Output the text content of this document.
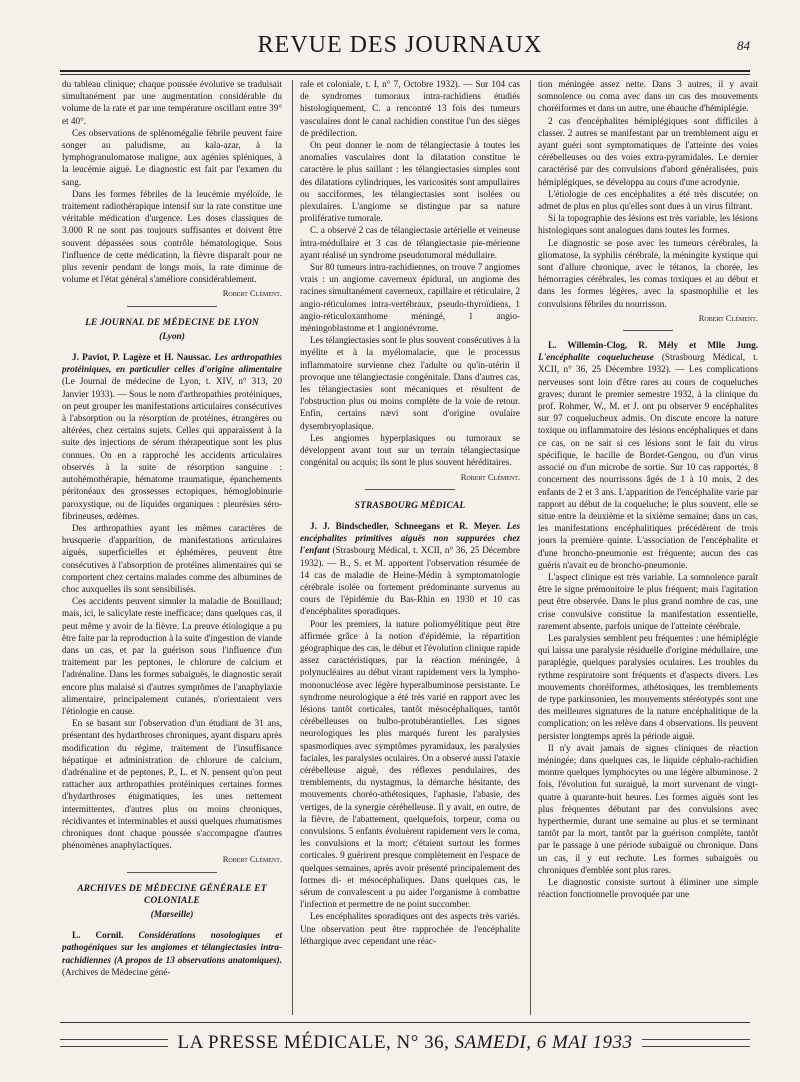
REVUE DES JOURNAUX	84

du tableau clinique; chaque poussée évolutive se traduisait simultanément par une augmentation considérable du volume de la rate et par une température oscillant entre 39° et 40°.

Ces observations de splénomégalie fébrile peuvent faire songer au paludisme, au kala-azar, à la lymphogranulomatose maligne, aux agénies spléniques, à la leucémie aiguë. Le diagnostic est fait par l'examen du sang.

Dans les formes fébriles de la leucémie myéloïde, le traitement radiothérapique intensif sur la rate constitue une véritable médication d'urgence. Les doses classiques de 3.000 R ne sont pas toujours suffisantes et doivent être souvent dépassées sous contrôle hématologique. Sous l'influence de cette médication, la fièvre disparaît pour ne plus revenir pendant de longs mois, la rate diminue de volume et l'état général s'améliore considérablement.

Robert Clément.
LE JOURNAL DE MÉDECINE DE LYON
(Lyon)

J. Paviot, P. Lagèze et H. Naussac. Les arthropathies protéiniques, en particulier celles d'origine alimentaire (Le Journal de médecine de Lyon, t. XIV, n° 313, 20 Janvier 1933). — Sous le nom d'arthropathies protéiniques, on peut grouper les manifestations articulaires consécutives à l'absorption ou la résorption de protéines, étrangères ou altérées, chez certains sujets. Celles qui apparaissent à la suite des injections de sérum thérapeutique sont les plus connues. On en a rapproché les accidents articulaires observés à la suite de résorption sanguine : autohémothérapie, hématome traumatique, épanchements péritonéaux des grossesses ectopiques, hémoglobinurie paroxystique, ou de liquides organiques : pleurésies séro-fibrineuses, œdèmes.

Des arthropathies ayant les mêmes caractères de brusquerie d'apparition, de manifestations articulaires aiguës, superficielles et éphémères, peuvent être consécutives à l'absorption de protéines alimentaires qui se comportent chez certains malades comme des albumines de choc auxquelles ils sont sensibilisés.

Ces accidents peuvent simuler la maladie de Bouillaud; mais, ici, le salicylate reste inefficace; dans quelques cas, il peut même y avoir de la fièvre. La preuve étiologique a pu être faite par la reproduction à la suite d'ingestion de viande dans un cas, et par la guérison sous l'influence d'un traitement par les peptones, le chlorure de calcium et l'adrénaline. Dans les formes subaiguës, le diagnostic serait encore plus malaisé si d'autres symptômes de l'anaphylaxie alimentaire, principalement cutanés, n'orientaient vers l'étiologie en cause.

En se basant sur l'observation d'un étudiant de 31 ans, présentant des hydarthroses chroniques, ayant disparu après modification du régime, traitement de l'insuffisance hépatique et administration de chlorure de calcium, d'adrénaline et de peptones, P., L. et N. pensent qu'on peut rattacher aux arthropathies protéiniques certaines formes d'hydarthroses énigmatiques, les unes nettement intermittentes, d'autres plus ou moins chroniques, récidivantes et interminables et aussi quelques rhumatismes chroniques dont chaque poussée s'accompagne d'autres phénomènes anaphylactiques.

Robert Clément.
ARCHIVES DE MÉDECINE GÉNÉRALE ET COLONIALE
(Marseille)

L. Cornil. Considérations nosologiques et pathogéniques sur les angiomes et télangiectasies intra-rachidiennes (A propos de 13 observations anatomiques). (Archives de Médecine géné-

rale et coloniale, t. I, n° 7, Octobre 1932). — Sur 104 cas de syndromes tumoraux intra-rachidiens étudiés histologiquement, C. a rencontré 13 fois des tumeurs vasculaires dont le canal rachidien constitue l'un des sièges de prédilection.

On peut donner le nom de télangiectasie à toutes les anomalies vasculaires dont la dilatation constitue le caractère le plus saillant : les télangiectasies simples sont des dilatations cylindriques, les varicosités sont ampullaires ou sacciformes, les télangiectasies sont isolées ou plexulaires. L'angiome se distingue par sa nature proliférative tumorale.

C. a observé 2 cas de télangiectasie artérielle et veineuse intra-médullaire et 3 cas de télangiectasie pie-mérienne ayant réalisé un syndrome pseudotumoral médullaire.

Sur 80 tumeurs intra-rachidiennes, on trouve 7 angiomes vrais : un angiome caverneux épidural, un angiome des racines simultanément caverneux, capillaire et réticulaire, 2 angio-réticulomes intra-vertébraux, pseudo-thyroïdiens, 1 angio-réticuloxanthome méningé, 1 angio-méningoblastome et 1 angionévrome.

Les télangiectasies sont le plus souvent consécutives à la myélite et à la myélomalacie, que le processus inflammatoire survienne chez l'adulte ou qu'in-utérin il provoque une télangiectasie congénitale. Dans d'autres cas, les télangiectasies sont mécaniques et résultent de l'obstruction plus ou moins complète de la voie de retour. Enfin, certains nævi sont d'origine ovulaire dysembryoplasique.

Les angiomes hyperplasiques ou tumoraux se développent avant tout sur un terrain télangiectasique congénital ou acquis; ils sont le plus souvent héréditaires.

Robert Clément.
STRASBOURG MÉDICAL

J. J. Bindschedler, Schneegans et R. Meyer. Les encéphalites primitives aiguës non suppurées chez l'enfant (Strasbourg Médical, t. XCII, n° 36, 25 Décembre 1932). — B., S. et M. apportent l'observation résumée de 14 cas de maladie de Heine-Médin à symptomatologie cérébrale isolée ou fortement prédominante survenus au cours de l'épidémie du Bas-Rhin en 1930 et 10 cas d'encéphalites sporadiques.

Pour les premiers, la nature poliomyélitique peut être affirmée grâce à la notion d'épidémie, la répartition géographique des cas, le début et l'évolution clinique rapide assez caractéristiques, par la réaction méningée, à polynucléaires au début virant rapidement vers la lympho-mononucléose avec légère hyperalbuminose persistante. Le syndrome neurologique a été très varié en rapport avec les lésions tantôt corticales, tantôt mésocéphaliques, tantôt cérébelleuses ou bulbo-protubérantielles. Les signes neurologiques les plus marqués furent les paralysies spasmodiques avec symptômes pyramidaux, les paralysies faciales, les paralysies oculaires. On a observé aussi l'ataxie cérébelleuse aiguë, des réflexes pendulaires, des tremblements, du nystagmus, la démarche hésitante, des mouvements choréo-athétosiques, l'aphasie, l'abasie, des vertiges, de la synergie cérébelleuse. Il y avait, en outre, de la fièvre, de l'abattement, quelquefois, torpeur, coma ou convulsions. 5 enfants évoluèrent rapidement vers le coma, les convulsions et la mort; c'étaient surtout les formes corticales. 9 guérirent presque complètement en l'espace de quelques semaines, après avoir présenté principalement des formes di- et mésocéphaliques. Dans quelques cas, le sérum de convalescent a pu aider l'organisme à combattre l'infection et permettre de ne point succomber.

Les encéphalites sporadiques ont des aspects très variés. Une observation peut être rapprochée de l'encéphalite léthargique avec cependant une réac-

tion méningée assez nette. Dans 3 autres, il y avait somnolence ou coma avec dans un cas des mouvements choréiformes et dans un autre, une ébauche d'hémiplégie.

2 cas d'encéphalites hémiplégiques sont difficiles à classer. 2 autres se manifestant par un tremblement aigu et ayant guéri sont symptomatiques de l'atteinte des voies cérébelleuses ou des voies extra-pyramidales. Le dernier caractérisé par des convulsions d'abord généralisées, puis hémiplégiques, se développa au cours d'une acrodynie.

L'étiologie de ces encéphalites a été très discutée; on admet de plus en plus qu'elles sont dues à un virus filtrant.

Si la topographie des lésions est très variable, les lésions histologiques sont analogues dans toutes les formes.

Le diagnostic se pose avec les tumeurs cérébrales, la gliomatose, la syphilis cérébrale, la méningite kystique qui sont d'allure chronique, avec le tétanos, la chorée, les hémorragies cérébrales, les comas toxiques et au début et dans les formes légères, avec la spasmophilie et les convulsions fébriles du nourrisson.

Robert Clément.

L. Willemin-Clog, R. Mély et Mlle Jung. L'encéphalite coquelucheuse (Strasbourg Médical, t. XCII, n° 36, 25 Décembre 1932). — Les complications nerveuses sont loin d'être rares au cours de coqueluches graves; durant le premier semestre 1932, à la clinique du prof. Rohmer, W., M. et J. ont pu observer 9 encéphalites sur 97 coquelucheux admis. On discute encore la nature toxique ou inflammatoire des lésions encéphaliques et dans ce cas, on ne sait si ces lésions sont le fait du virus spécifique, le bacille de Bordet-Gengou, ou d'un virus associé ou d'un microbe de sortie. Sur 10 cas rapportés, 8 concernent des nourrissons âgés de 1 à 10 mois, 2 des enfants de 2 et 3 ans. L'apparition de l'encéphalite varie par rapport au début de la coqueluche; le plus souvent, elle se situe entre la deuxième et la sixième semaine; dans un cas, les manifestations encéphalitiques précédèrent de trois jours la première quinte. L'association de l'encéphalite et d'une broncho-pneumonie est fréquente; aucun des cas guéris n'avait eu de broncho-pneumonie.

L'aspect clinique est très variable. La somnolence paraît être le signe prémonitoire le plus fréquent; mais l'agitation peut être observée. Dans le plus grand nombre de cas, une crise convulsive constitue la manifestation essentielle, rarement absente, parfois unique de l'atteinte cérébrale.

Les paralysies semblent peu fréquentes : une hémiplégie qui laissa une paralysie résiduelle d'origine médullaire, une paraplégie, quelques paralysies oculaires. Les troubles du rythme respiratoire sont fréquents et d'aspects divers. Les mouvements choréiformes, athétosiques, les tremblements de type parkinsonien, les mouvements stéréotypés sont une des meilleures signatures de la nature encéphalitique de la complication; on les relève dans 4 observations. Ils peuvent persister longtemps après la période aiguë.

Il n'y avait jamais de signes cliniques de réaction méningée; dans quelques cas, le liquide céphalo-rachidien montre quelques lymphocytes ou une légère albuminose. 2 fois, l'évolution fut suraiguë, la mort survenant de vingt-quatre à quarante-huit heures. Les formes aiguës sont les plus fréquentes débutant par des convulsions avec hyperthermie, durant une semaine au plus et se terminant tantôt par la mort, tantôt par la guérison complète, tantôt par le passage à une période subaiguë ou chronique. Dans un cas, il y eut rechute. Les formes subaiguës ou chroniques d'emblée sont plus rares.

Le diagnostic consiste surtout à éliminer une simple réaction fonctionnelle provoquée par une

LA PRESSE MÉDICALE, N° 36, SAMEDI, 6 MAI 1933
